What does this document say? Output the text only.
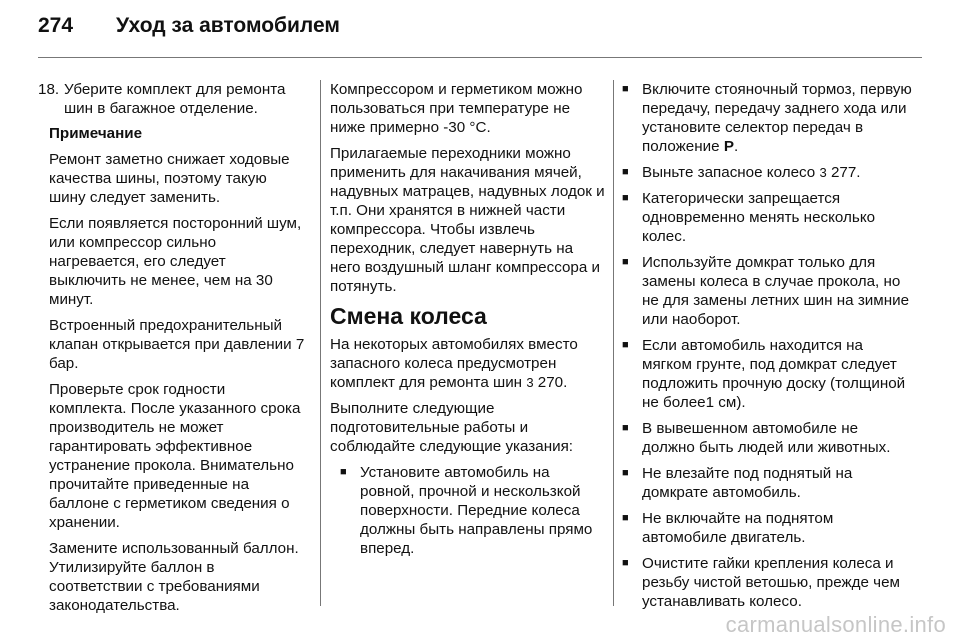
274	Уход за автомобилем
18. Уберите комплект для ремонта шин в багажное отделение.

Примечание

Ремонт заметно снижает ходовые качества шины, поэтому такую шину следует заменить.

Если появляется посторонний шум, или компрессор сильно нагревается, его следует выключить не менее, чем на 30 минут.

Встроенный предохранительный клапан открывается при давлении 7 бар.

Проверьте срок годности комплекта. После указанного срока производитель не может гарантировать эффективное устранение прокола. Внимательно прочитайте приведенные на баллоне с герметиком сведения о хранении.

Замените использованный баллон. Утилизируйте баллон в соответствии с требованиями законодательства.

Компрессором и герметиком можно пользоваться при температуре не ниже примерно -30 °C.

Прилагаемые переходники можно применить для накачивания мячей, надувных матрацев, надувных лодок и т.п. Они хранятся в нижней части компрессора. Чтобы извлечь переходник, следует навернуть на него воздушный шланг компрессора и потянуть.

Смена колеса

На некоторых автомобилях вместо запасного колеса предусмотрен комплект для ремонта шин 3 270.

Выполните следующие подготовительные работы и соблюдайте следующие указания:

■ Установите автомобиль на ровной, прочной и нескользкой поверхности. Передние колеса должны быть направлены прямо вперед.
■ Включите стояночный тормоз, первую передачу, передачу заднего хода или установите селектор передач в положение P.
■ Выньте запасное колесо 3 277.
■ Категорически запрещается одновременно менять несколько колес.
■ Используйте домкрат только для замены колеса в случае прокола, но не для замены летних шин на зимние или наоборот.
■ Если автомобиль находится на мягком грунте, под домкрат следует подложить прочную доску (толщиной не более1 см).
■ В вывешенном автомобиле не должно быть людей или животных.
■ Не влезайте под поднятый на домкрате автомобиль.
■ Не включайте на поднятом автомобиле двигатель.
■ Очистите гайки крепления колеса и резьбу чистой ветошью, прежде чем устанавливать колесо.
carmanualsonline.info
